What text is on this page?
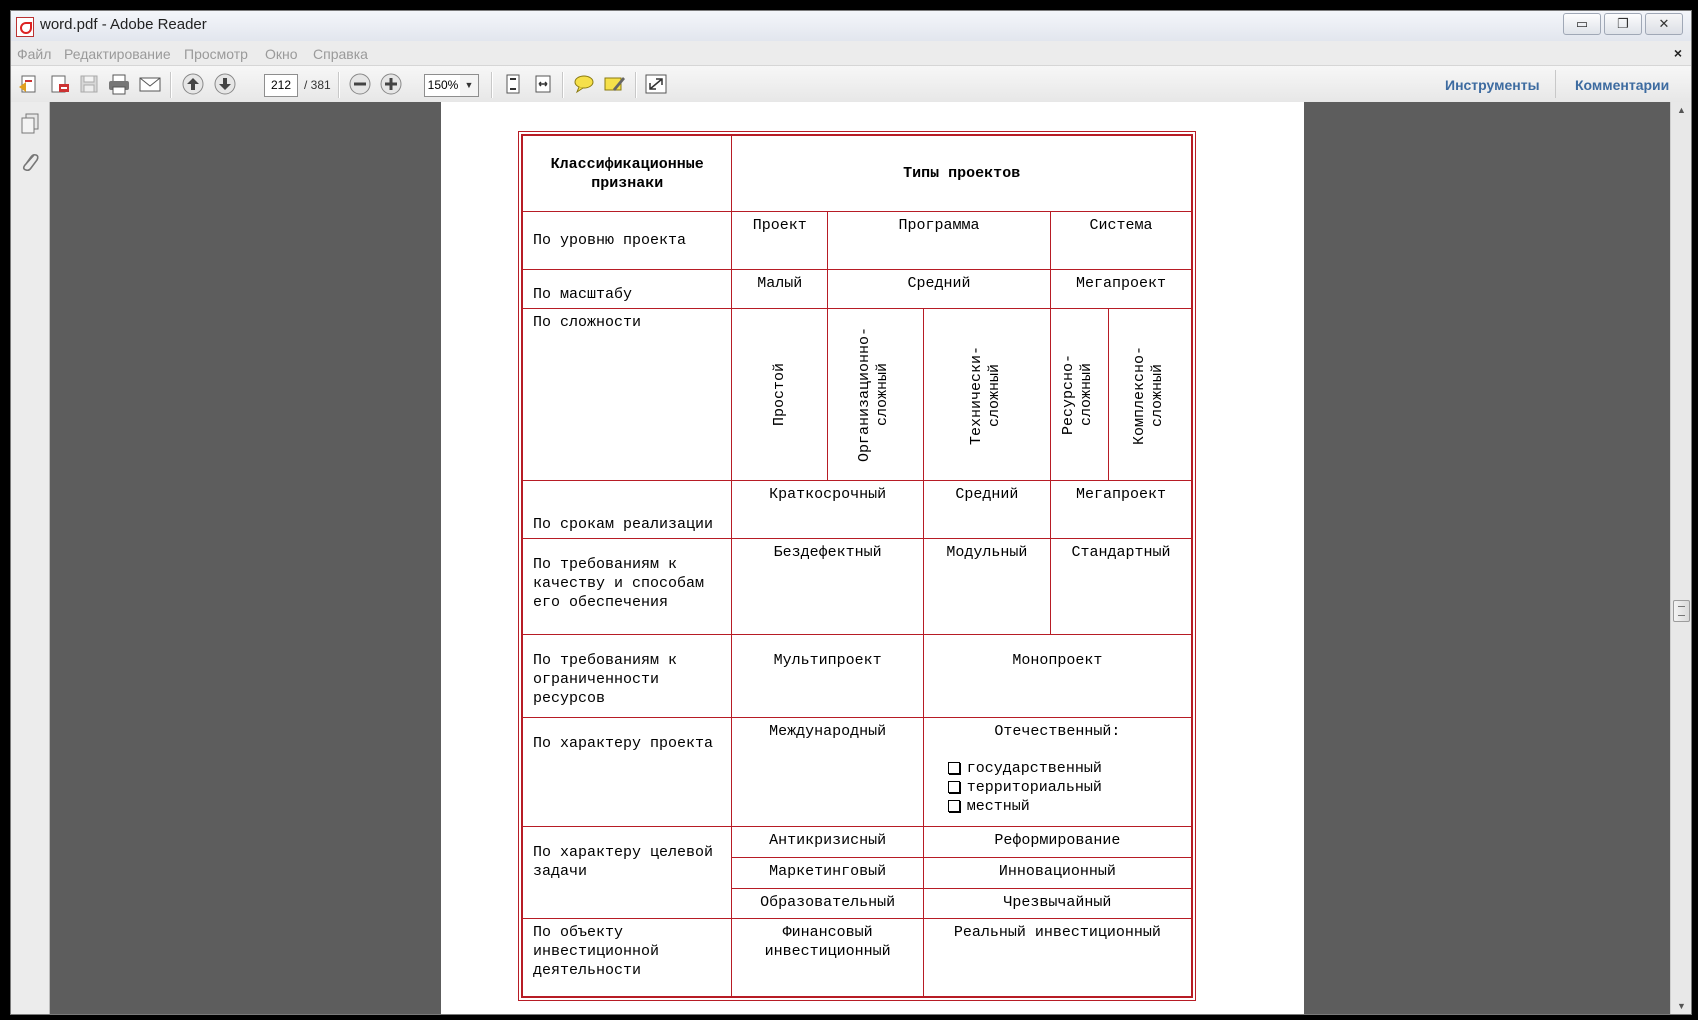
word.pdf - Adobe Reader	▭	❐	✕
Файл Редактирование Просмотр Окно Справка	×
212	/ 381	150% ▼	Инструменты	Комментарии
Классификационные признаки	Типы проектов				
По уровню проекта	Проект	Программа		Система	
По масштабу	Малый	Средний		Мегапроект	
По сложности	Простой	Организационно-сложный	Технически-сложный	Ресурсно-сложный	Комплексно-сложный

По срокам реализации	Краткосрочный		Средний	Мегапроект	
По требованиям к качеству и способам его обеспечения	Бездефектный		Модульный	Стандартный	
По требованиям к ограниченности ресурсов	Мультипроект		Монопроект		
По характеру проекта	Международный		Отечественный:
государственный
территориальный
местный		

По характеру целевой задачи	Антикризисный		Реформирование		
	Маркетинговый		Инновационный		
	Образовательный		Чрезвычайный		
По объекту инвестиционной деятельности	Финансовый инвестиционный		Реальный инвестиционный		
▲
▼
